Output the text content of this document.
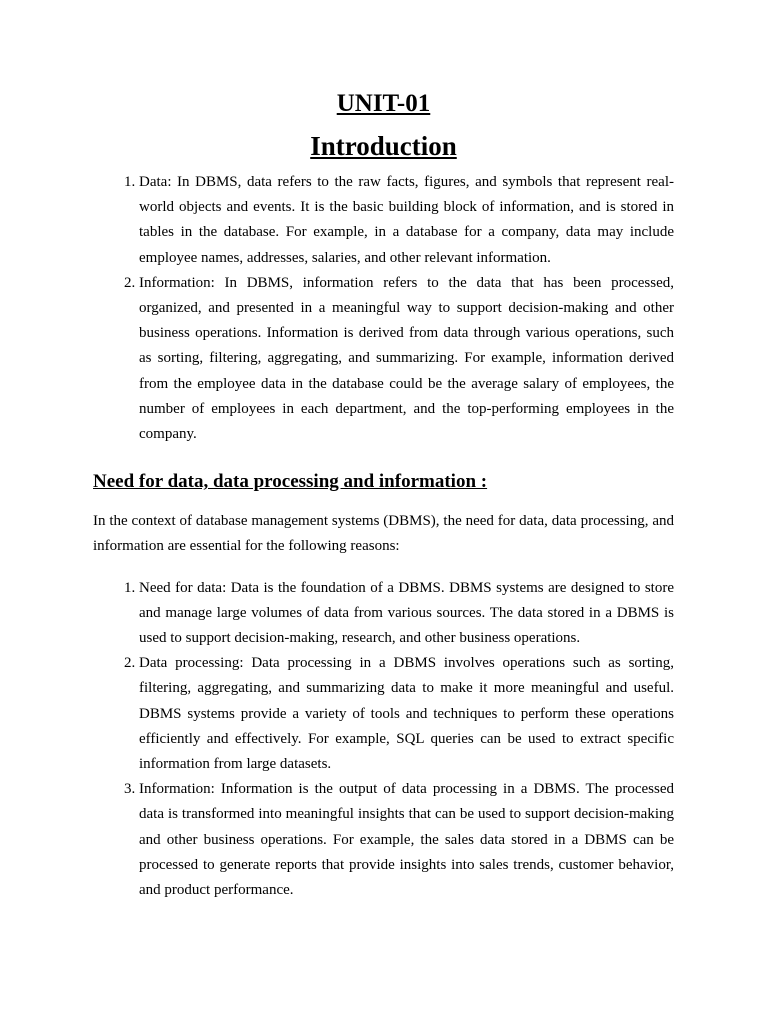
UNIT-01
Introduction
1. Data: In DBMS, data refers to the raw facts, figures, and symbols that represent real-world objects and events. It is the basic building block of information, and is stored in tables in the database. For example, in a database for a company, data may include employee names, addresses, salaries, and other relevant information.
2. Information: In DBMS, information refers to the data that has been processed, organized, and presented in a meaningful way to support decision-making and other business operations. Information is derived from data through various operations, such as sorting, filtering, aggregating, and summarizing. For example, information derived from the employee data in the database could be the average salary of employees, the number of employees in each department, and the top-performing employees in the company.
Need for data, data processing and information :

In the context of database management systems (DBMS), the need for data, data processing, and information are essential for the following reasons:

1. Need for data: Data is the foundation of a DBMS. DBMS systems are designed to store and manage large volumes of data from various sources. The data stored in a DBMS is used to support decision-making, research, and other business operations.
2. Data processing: Data processing in a DBMS involves operations such as sorting, filtering, aggregating, and summarizing data to make it more meaningful and useful. DBMS systems provide a variety of tools and techniques to perform these operations efficiently and effectively. For example, SQL queries can be used to extract specific information from large datasets.
3. Information: Information is the output of data processing in a DBMS. The processed data is transformed into meaningful insights that can be used to support decision-making and other business operations. For example, the sales data stored in a DBMS can be processed to generate reports that provide insights into sales trends, customer behavior, and product performance.
